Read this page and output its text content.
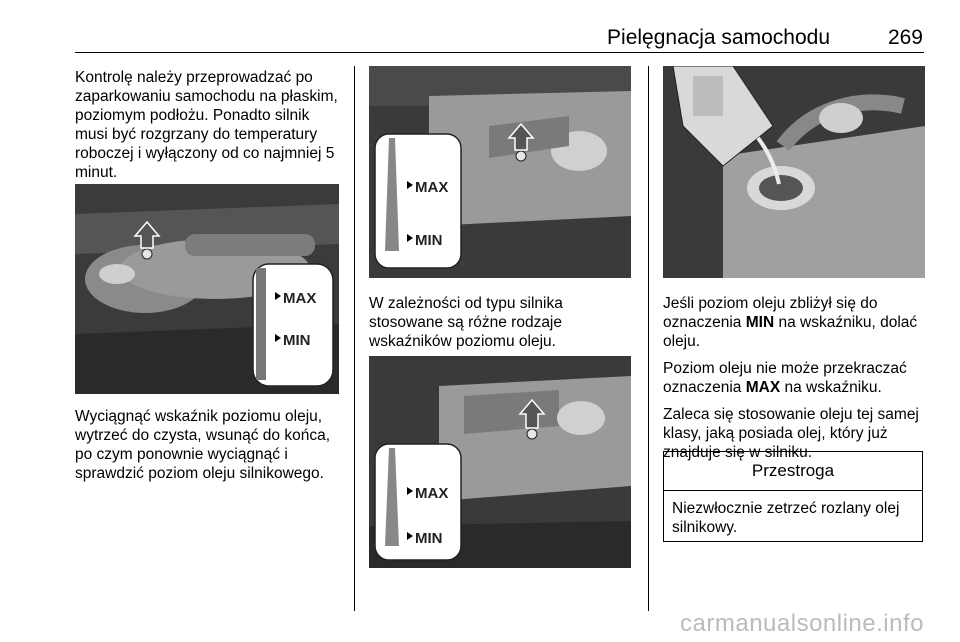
Pielęgnacja samochodu	269

Kontrolę należy przeprowadzać po zaparkowaniu samochodu na płaskim, poziomym podłożu. Ponadto silnik musi być rozgrzany do temperatury roboczej i wyłączony od co najmniej 5 minut.

MAX
MIN

Wyciągnąć wskaźnik poziomu oleju, wytrzeć do czysta, wsunąć do końca, po czym ponownie wyciągnąć i sprawdzić poziom oleju silnikowego.

MAX
MIN

W zależności od typu silnika stosowane są różne rodzaje wskaźników poziomu oleju.

MAX
MIN

Jeśli poziom oleju zbliżył się do oznaczenia MIN na wskaźniku, dolać oleju.

Poziom oleju nie może przekraczać oznaczenia MAX na wskaźniku.

Zaleca się stosowanie oleju tej samej klasy, jaką posiada olej, który już znajduje się w silniku.

Przestroga
Niezwłocznie zetrzeć rozlany olej silnikowy.
carmanualsonline.info
